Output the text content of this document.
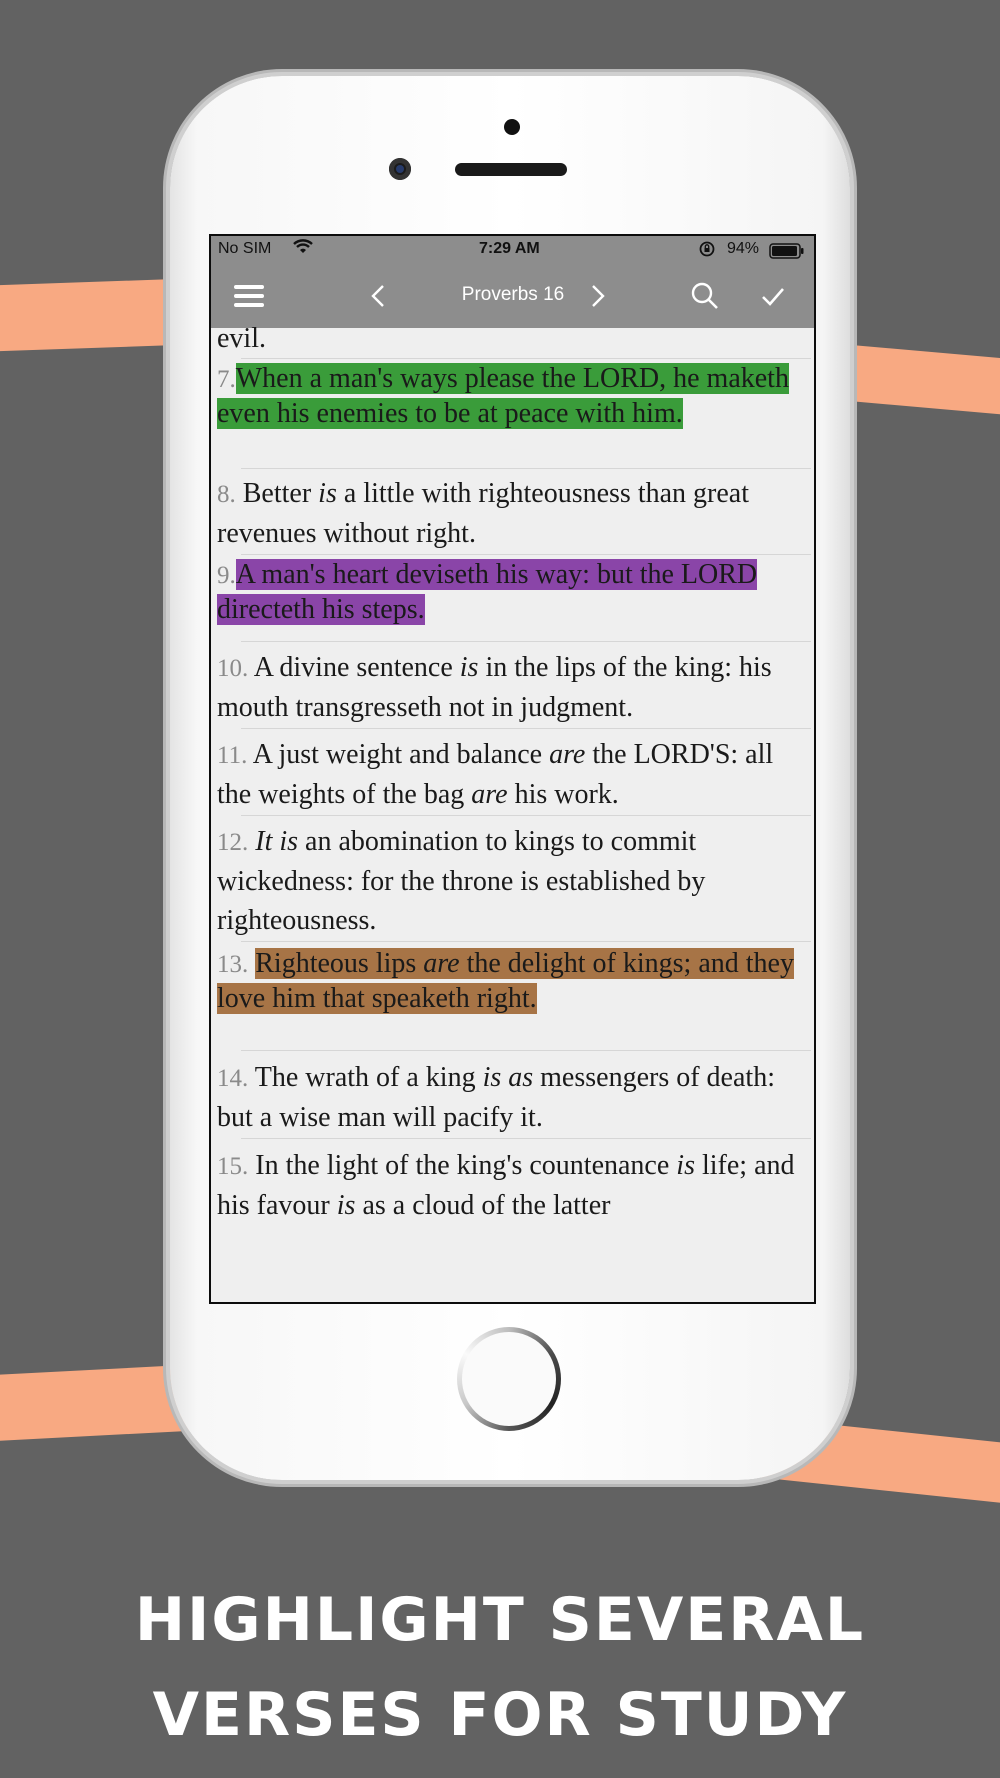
No SIM	7:29 AM	94%
Proverbs 16
evil.
7.When a man's ways please the LORD, he maketh even his enemies to be at peace with him.
8. Better is a little with righteousness than great revenues without right.
9.A man's heart deviseth his way: but the LORD directeth his steps.
10. A divine sentence is in the lips of the king: his mouth transgresseth not in judgment.
11. A just weight and balance are the LORD'S: all the weights of the bag are his work.
12. It is an abomination to kings to commit wickedness: for the throne is established by righteousness.
13. Righteous lips are the delight of kings; and they love him that speaketh right.
14. The wrath of a king is as messengers of death: but a wise man will pacify it.
15. In the light of the king's countenance is life; and his favour is as a cloud of the latter
HIGHLIGHT SEVERAL
VERSES FOR STUDY
